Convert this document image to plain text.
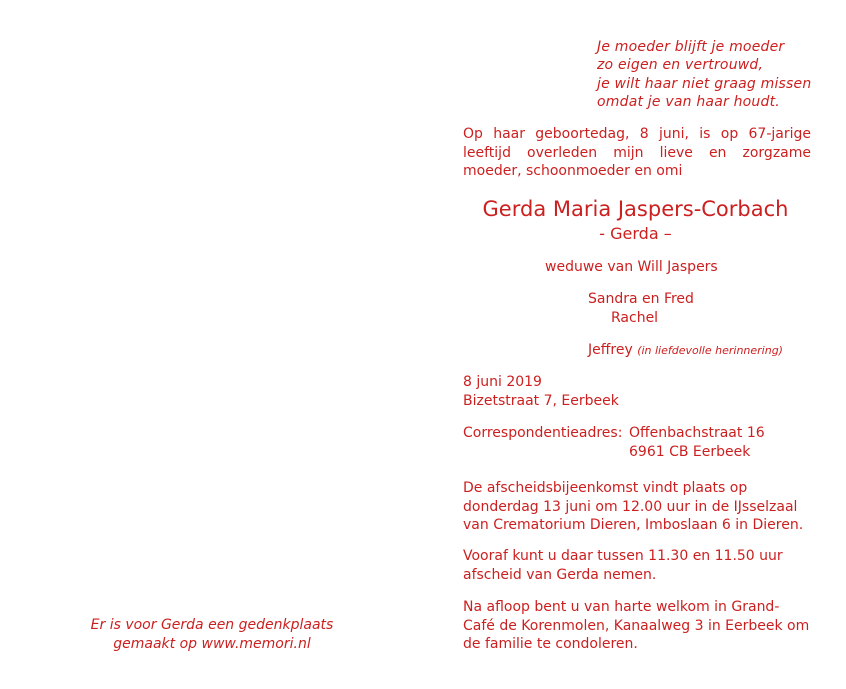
Je moeder blijft je moeder
zo eigen en vertrouwd,
je wilt haar niet graag missen
omdat je van haar houdt.
Op haar geboortedag, 8 juni, is op 67-jarige leeftijd overleden mijn lieve en zorgzame moeder, schoonmoeder en omi
Gerda Maria Jaspers-Corbach
- Gerda –
weduwe van Will Jaspers
Sandra en Fred
Rachel
Jeffrey (in liefdevolle herinnering)
8 juni 2019
Bizetstraat 7, Eerbeek
Correspondentieadres: Offenbachstraat 16
6961 CB Eerbeek
De afscheidsbijeenkomst vindt plaats op donderdag 13 juni om 12.00 uur in de IJsselzaal van Crematorium Dieren, Imboslaan 6 in Dieren.
Vooraf kunt u daar tussen 11.30 en 11.50 uur afscheid van Gerda nemen.
Na afloop bent u van harte welkom in Grand-Café de Korenmolen, Kanaalweg 3 in Eerbeek om de familie te condoleren.
Er is voor Gerda een gedenkplaats
gemaakt op www.memori.nl
